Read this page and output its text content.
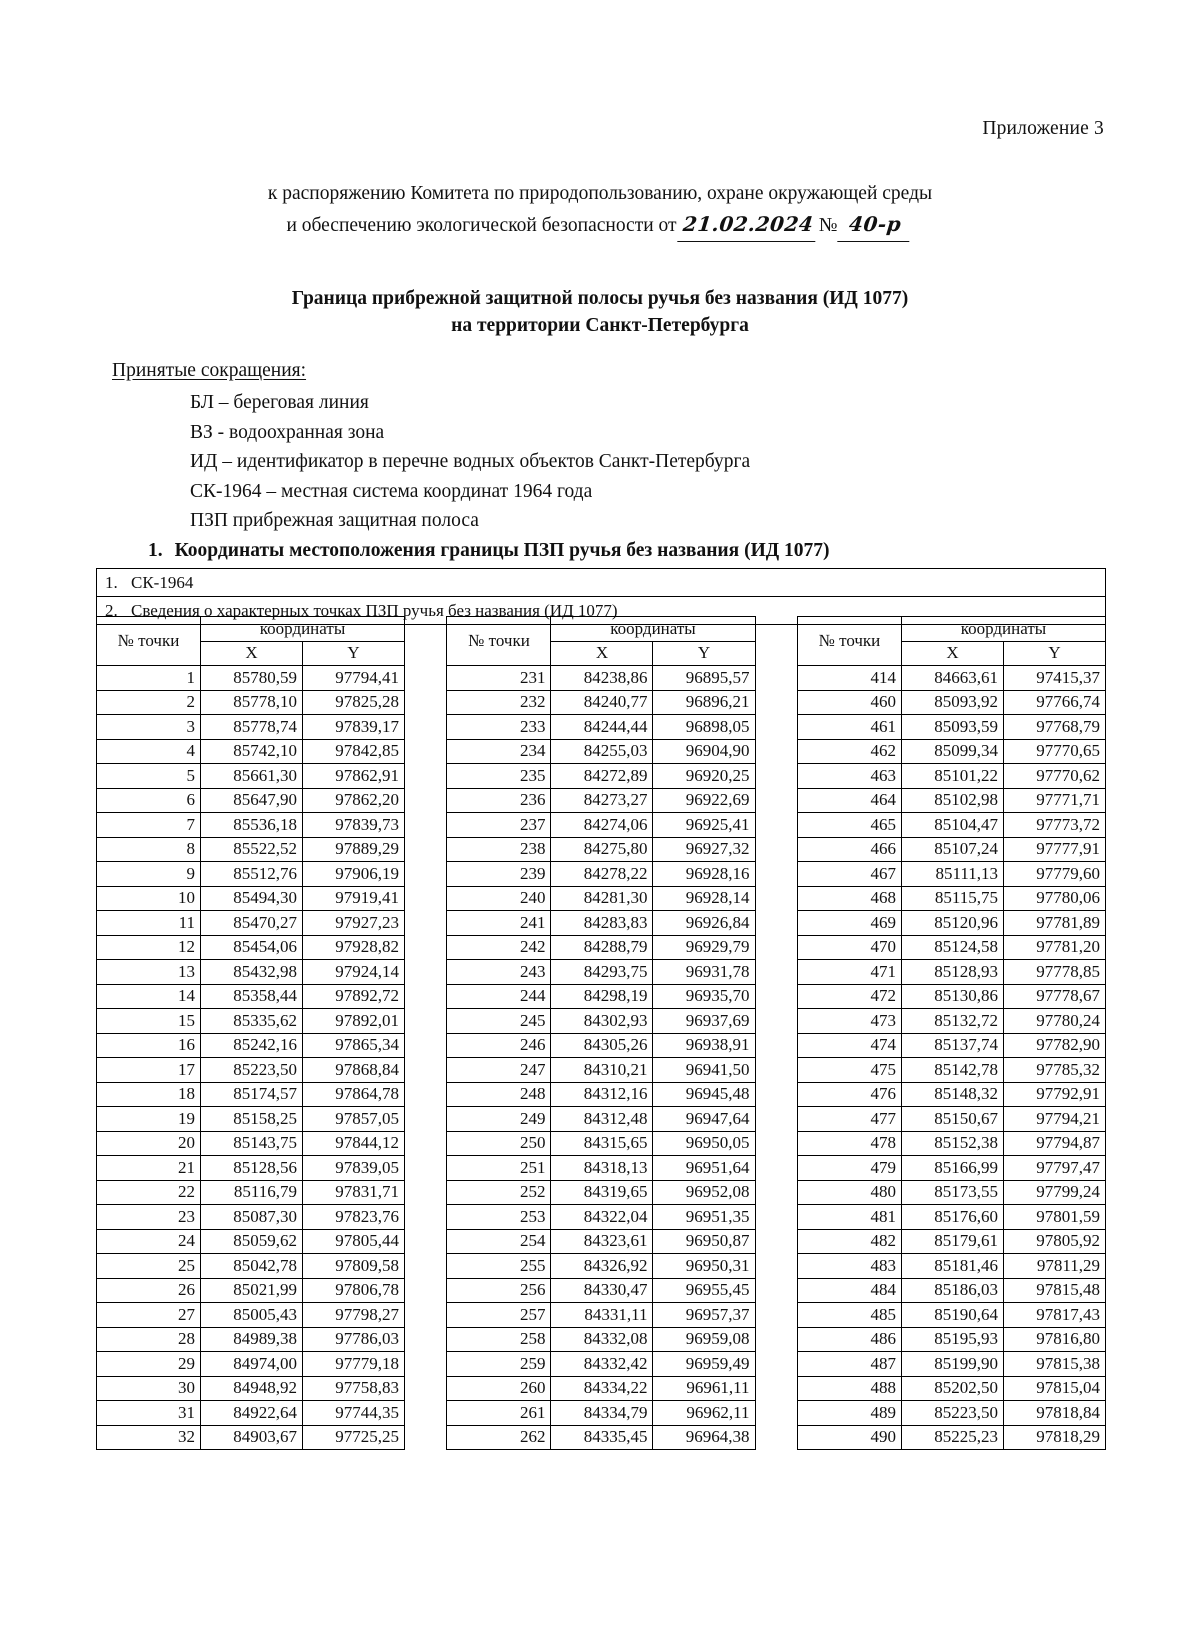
Приложение 3
к распоряжению Комитета по природопользованию, охране окружающей среды
и обеспечению экологической безопасности от 21.02.2024 № 40-р
Граница прибрежной защитной полосы ручья без названия (ИД 1077)
на территории Санкт-Петербурга
Принятые сокращения:
БЛ – береговая линия
ВЗ - водоохранная зона
ИД – идентификатор в перечне водных объектов Санкт-Петербурга
СК-1964 – местная система координат 1964 года
ПЗП прибрежная защитная полоса
1. Координаты местоположения границы ПЗП ручья без названия (ИД 1077)
1. СК-1964
2. Сведения о характерных точках ПЗП ручья без названия (ИД 1077)
№ точки	координаты	
	X	Y
1	85780,59	97794,41
2	85778,10	97825,28
3	85778,74	97839,17
4	85742,10	97842,85
5	85661,30	97862,91
6	85647,90	97862,20
7	85536,18	97839,73
8	85522,52	97889,29
9	85512,76	97906,19
10	85494,30	97919,41
11	85470,27	97927,23
12	85454,06	97928,82
13	85432,98	97924,14
14	85358,44	97892,72
15	85335,62	97892,01
16	85242,16	97865,34
17	85223,50	97868,84
18	85174,57	97864,78
19	85158,25	97857,05
20	85143,75	97844,12
21	85128,56	97839,05
22	85116,79	97831,71
23	85087,30	97823,76
24	85059,62	97805,44
25	85042,78	97809,58
26	85021,99	97806,78
27	85005,43	97798,27
28	84989,38	97786,03
29	84974,00	97779,18
30	84948,92	97758,83
31	84922,64	97744,35
32	84903,67	97725,25
№ точки	координаты	
	X	Y
231	84238,86	96895,57
232	84240,77	96896,21
233	84244,44	96898,05
234	84255,03	96904,90
235	84272,89	96920,25
236	84273,27	96922,69
237	84274,06	96925,41
238	84275,80	96927,32
239	84278,22	96928,16
240	84281,30	96928,14
241	84283,83	96926,84
242	84288,79	96929,79
243	84293,75	96931,78
244	84298,19	96935,70
245	84302,93	96937,69
246	84305,26	96938,91
247	84310,21	96941,50
248	84312,16	96945,48
249	84312,48	96947,64
250	84315,65	96950,05
251	84318,13	96951,64
252	84319,65	96952,08
253	84322,04	96951,35
254	84323,61	96950,87
255	84326,92	96950,31
256	84330,47	96955,45
257	84331,11	96957,37
258	84332,08	96959,08
259	84332,42	96959,49
260	84334,22	96961,11
261	84334,79	96962,11
262	84335,45	96964,38
№ точки	координаты	
	X	Y
414	84663,61	97415,37
460	85093,92	97766,74
461	85093,59	97768,79
462	85099,34	97770,65
463	85101,22	97770,62
464	85102,98	97771,71
465	85104,47	97773,72
466	85107,24	97777,91
467	85111,13	97779,60
468	85115,75	97780,06
469	85120,96	97781,89
470	85124,58	97781,20
471	85128,93	97778,85
472	85130,86	97778,67
473	85132,72	97780,24
474	85137,74	97782,90
475	85142,78	97785,32
476	85148,32	97792,91
477	85150,67	97794,21
478	85152,38	97794,87
479	85166,99	97797,47
480	85173,55	97799,24
481	85176,60	97801,59
482	85179,61	97805,92
483	85181,46	97811,29
484	85186,03	97815,48
485	85190,64	97817,43
486	85195,93	97816,80
487	85199,90	97815,38
488	85202,50	97815,04
489	85223,50	97818,84
490	85225,23	97818,29
